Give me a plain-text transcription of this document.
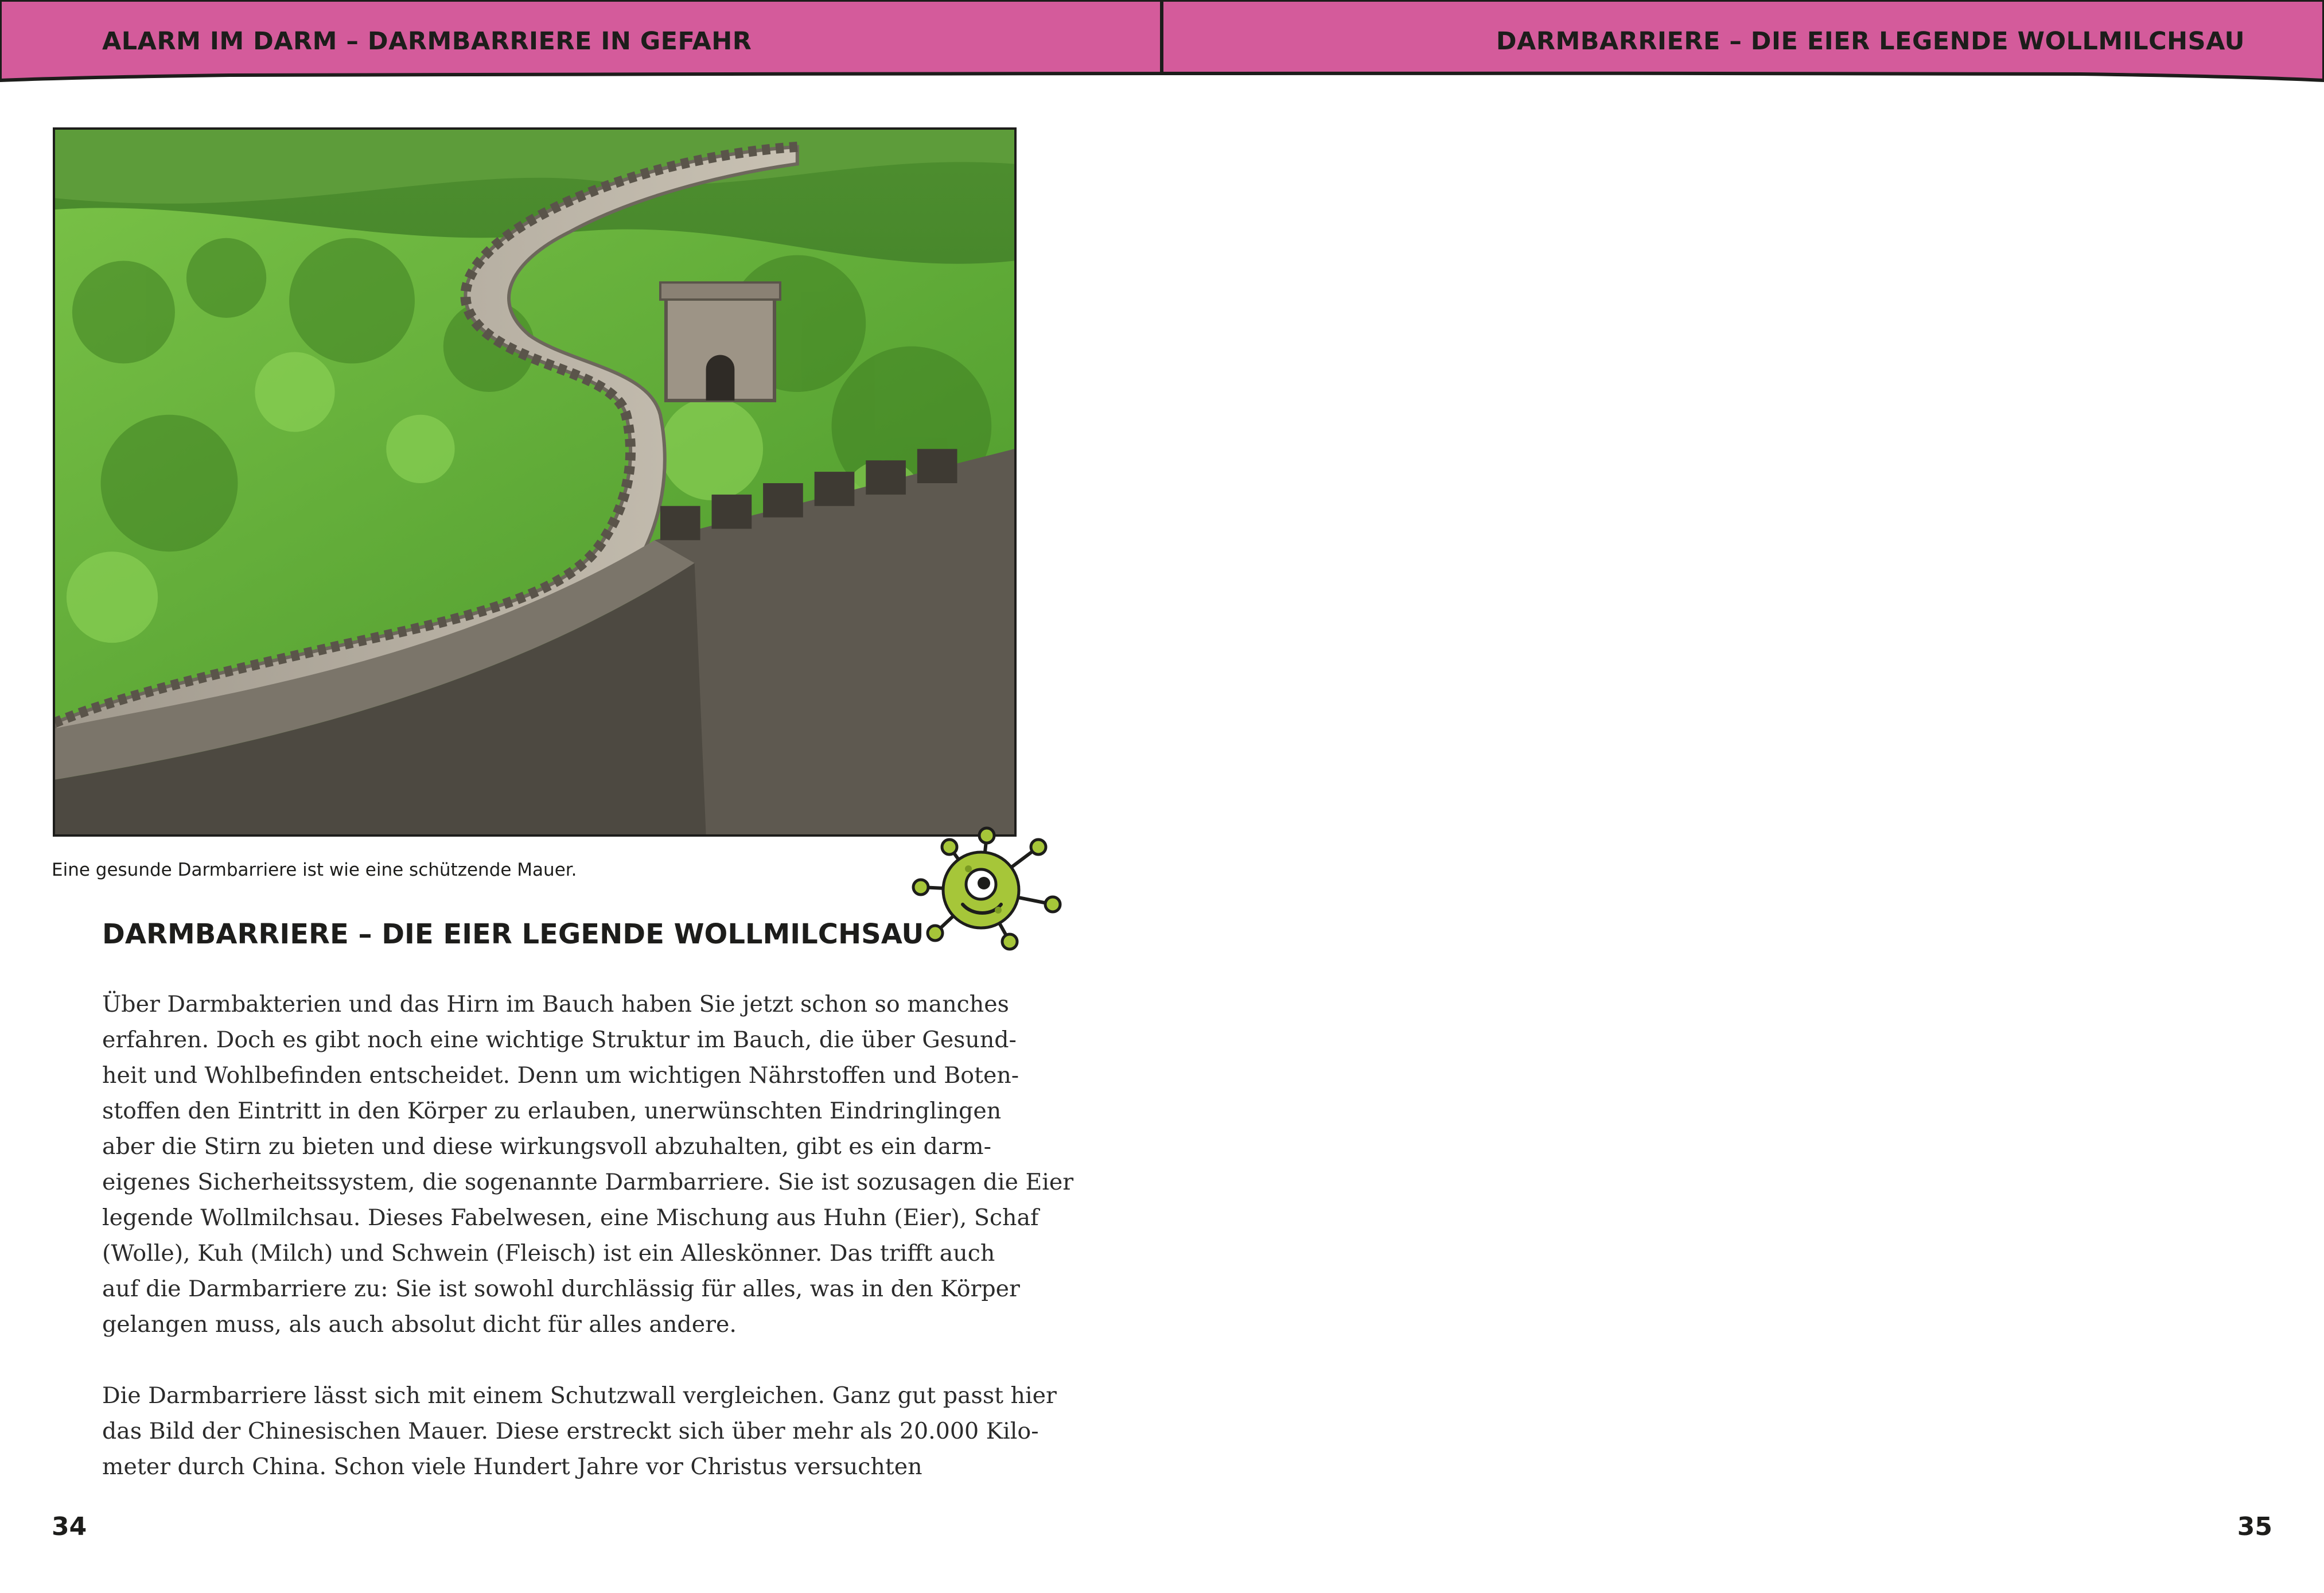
ALARM IM DARM – DARMBARRIERE IN GEFAHR
Eine gesunde Darmbarriere ist wie eine schützende Mauer.
DARMBARRIERE – DIE EIER LEGENDE WOLLMILCHSAU
Über Darmbakterien und das Hirn im Bauch haben Sie jetzt schon so manches
erfahren. Doch es gibt noch eine wichtige Struktur im Bauch, die über Gesund-
heit und Wohlbefinden entscheidet. Denn um wichtigen Nährstoffen und Boten-
stoffen den Eintritt in den Körper zu erlauben, unerwünschten Eindringlingen
aber die Stirn zu bieten und diese wirkungsvoll abzuhalten, gibt es ein darm-
eigenes Sicherheitssystem, die sogenannte Darmbarriere. Sie ist sozusagen die Eier
legende Wollmilchsau. Dieses Fabelwesen, eine Mischung aus Huhn (Eier), Schaf
(Wolle), Kuh (Milch) und Schwein (Fleisch) ist ein Alleskönner. Das trifft auch
auf die Darmbarriere zu: Sie ist sowohl durchlässig für alles, was in den Körper
gelangen muss, als auch absolut dicht für alles andere.
Die Darmbarriere lässt sich mit einem Schutzwall vergleichen. Ganz gut passt hier
das Bild der Chinesischen Mauer. Diese erstreckt sich über mehr als 20.000 Kilo-
meter durch China. Schon viele Hundert Jahre vor Christus versuchten
34
DARMBARRIERE – DIE EIER LEGENDE WOLLMILCHSAU
35
